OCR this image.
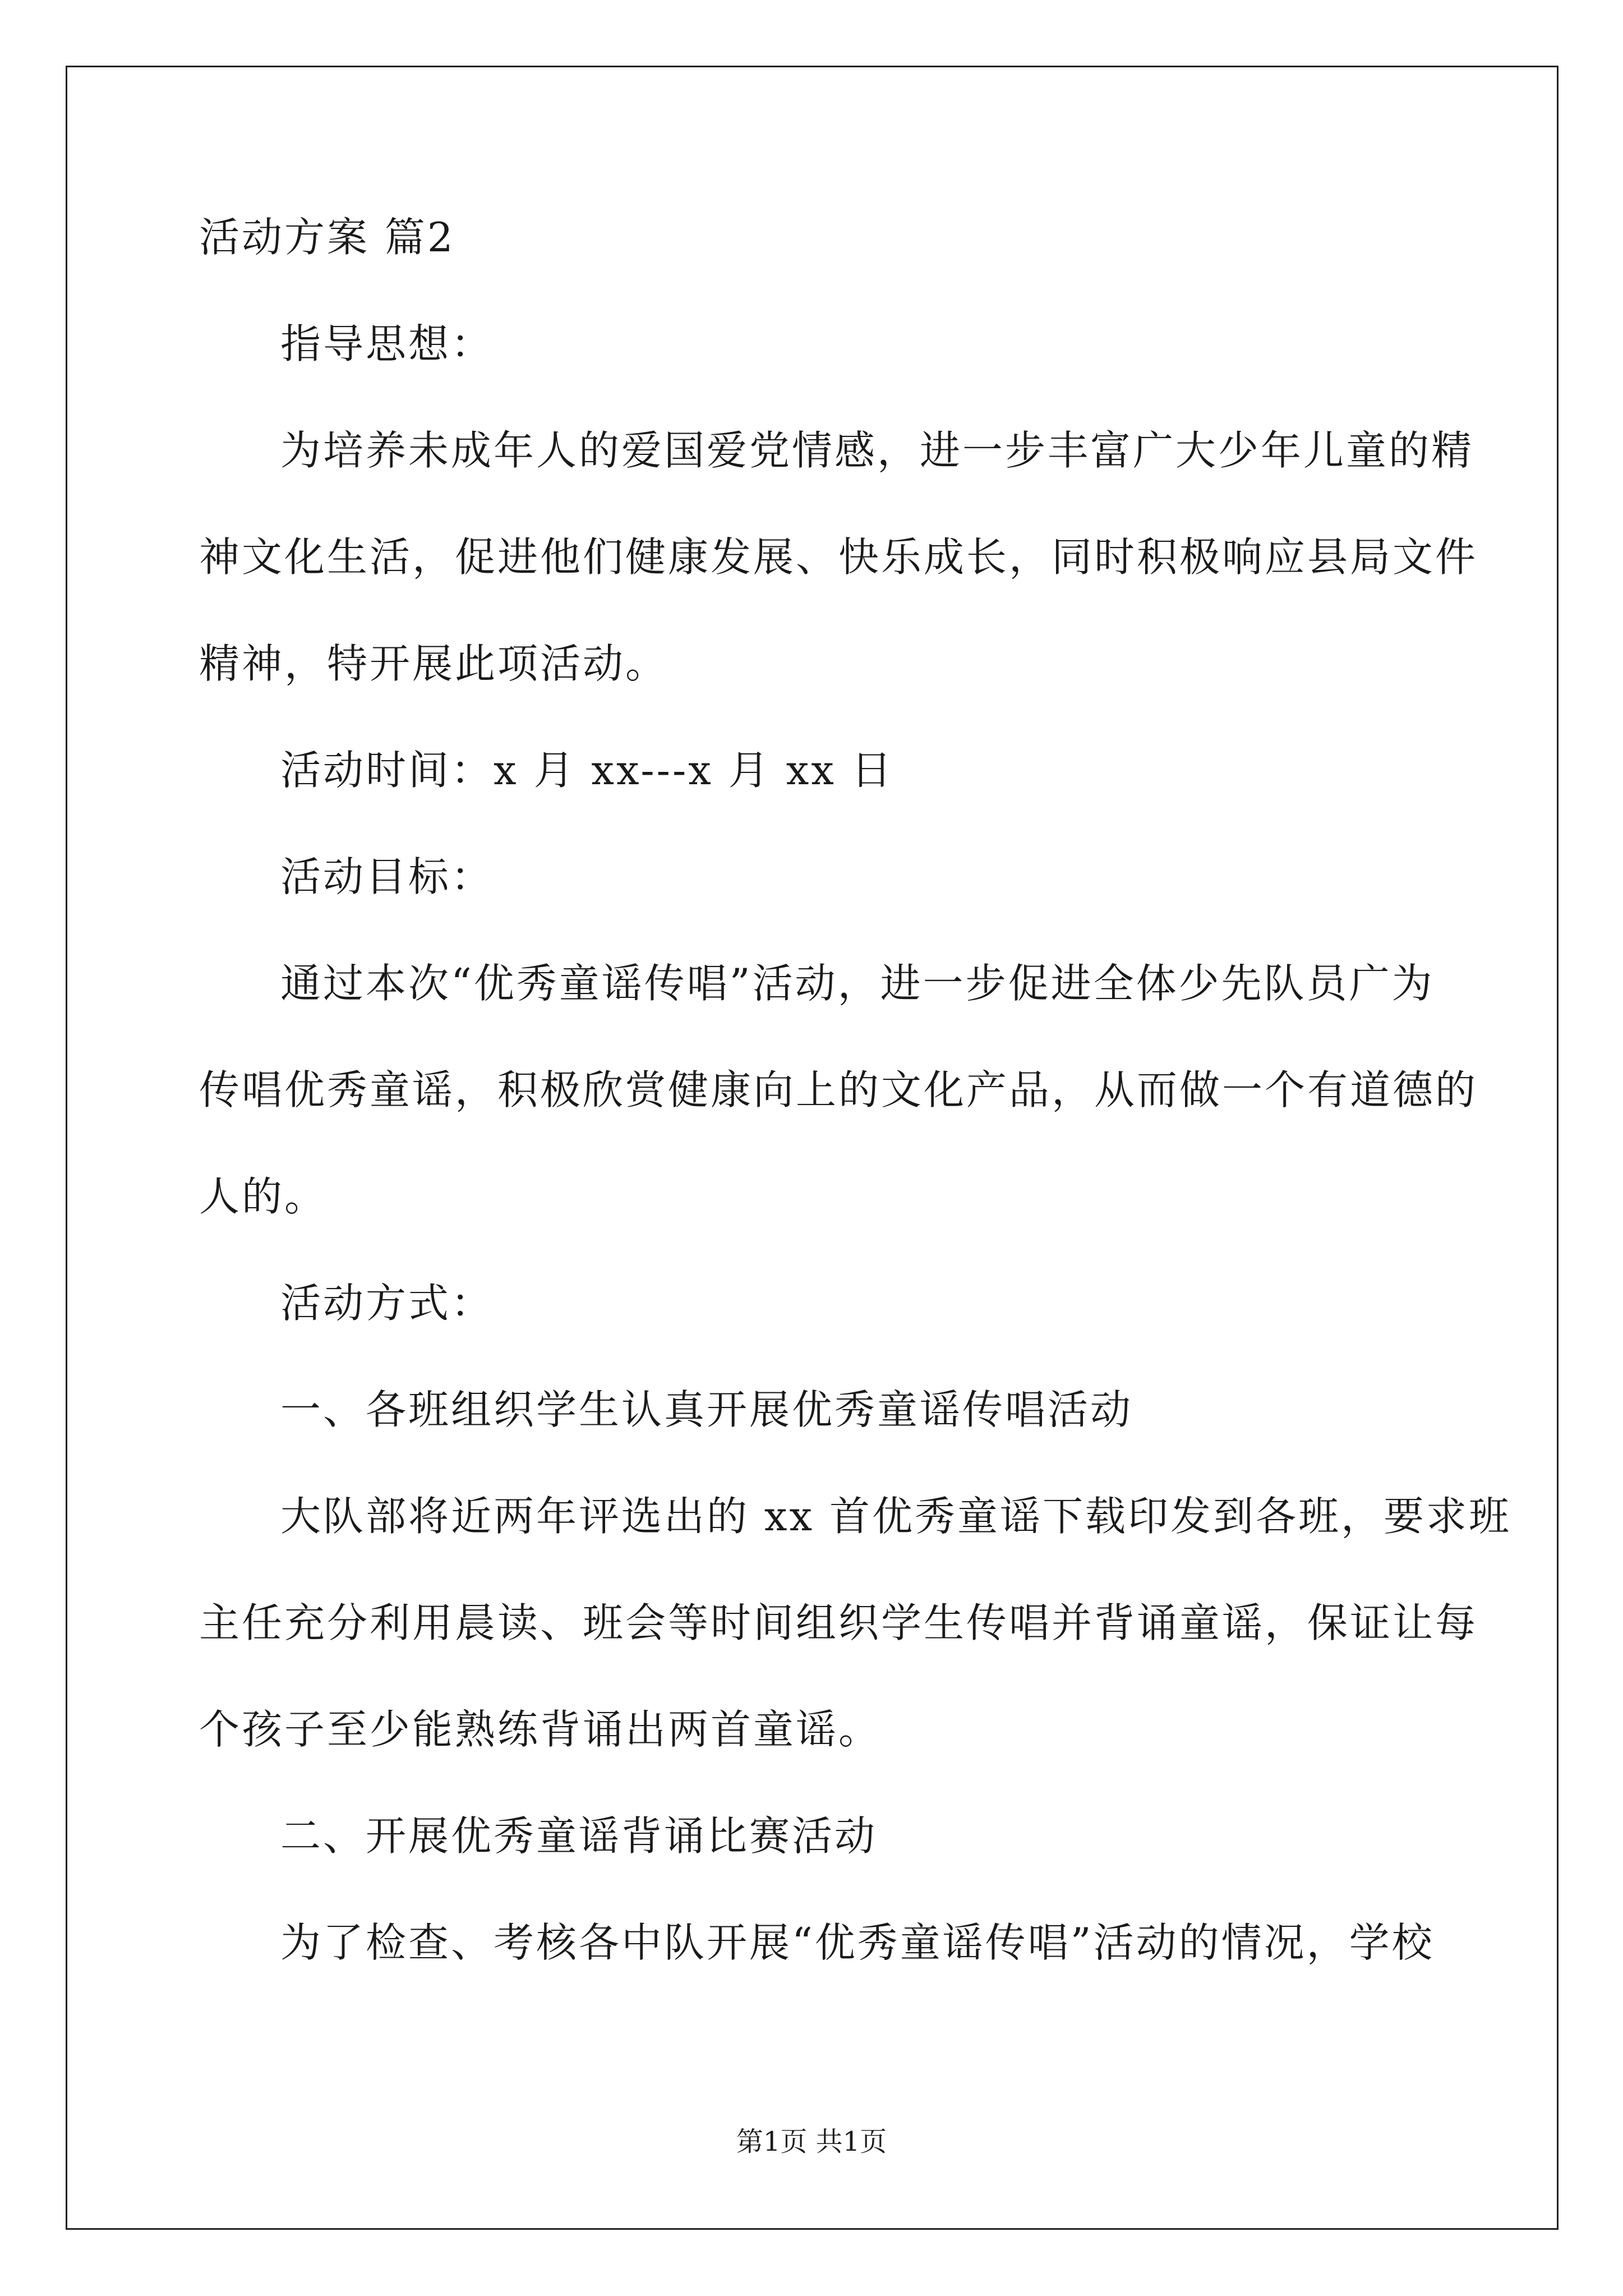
活动方案 篇2
指导思想：
为培养未成年人的爱国爱党情感，进一步丰富广大少年儿童的精
神文化生活，促进他们健康发展、快乐成长，同时积极响应县局文件
精神，特开展此项活动。
活动时间：x 月 xx---x 月 xx 日
活动目标：
通过本次“优秀童谣传唱”活动，进一步促进全体少先队员广为
传唱优秀童谣，积极欣赏健康向上的文化产品，从而做一个有道德的
人的。
活动方式：
一、各班组织学生认真开展优秀童谣传唱活动
大队部将近两年评选出的 xx 首优秀童谣下载印发到各班，要求班
主任充分利用晨读、班会等时间组织学生传唱并背诵童谣，保证让每
个孩子至少能熟练背诵出两首童谣。
二、开展优秀童谣背诵比赛活动
为了检查、考核各中队开展“优秀童谣传唱”活动的情况，学校
第1页 共1页
